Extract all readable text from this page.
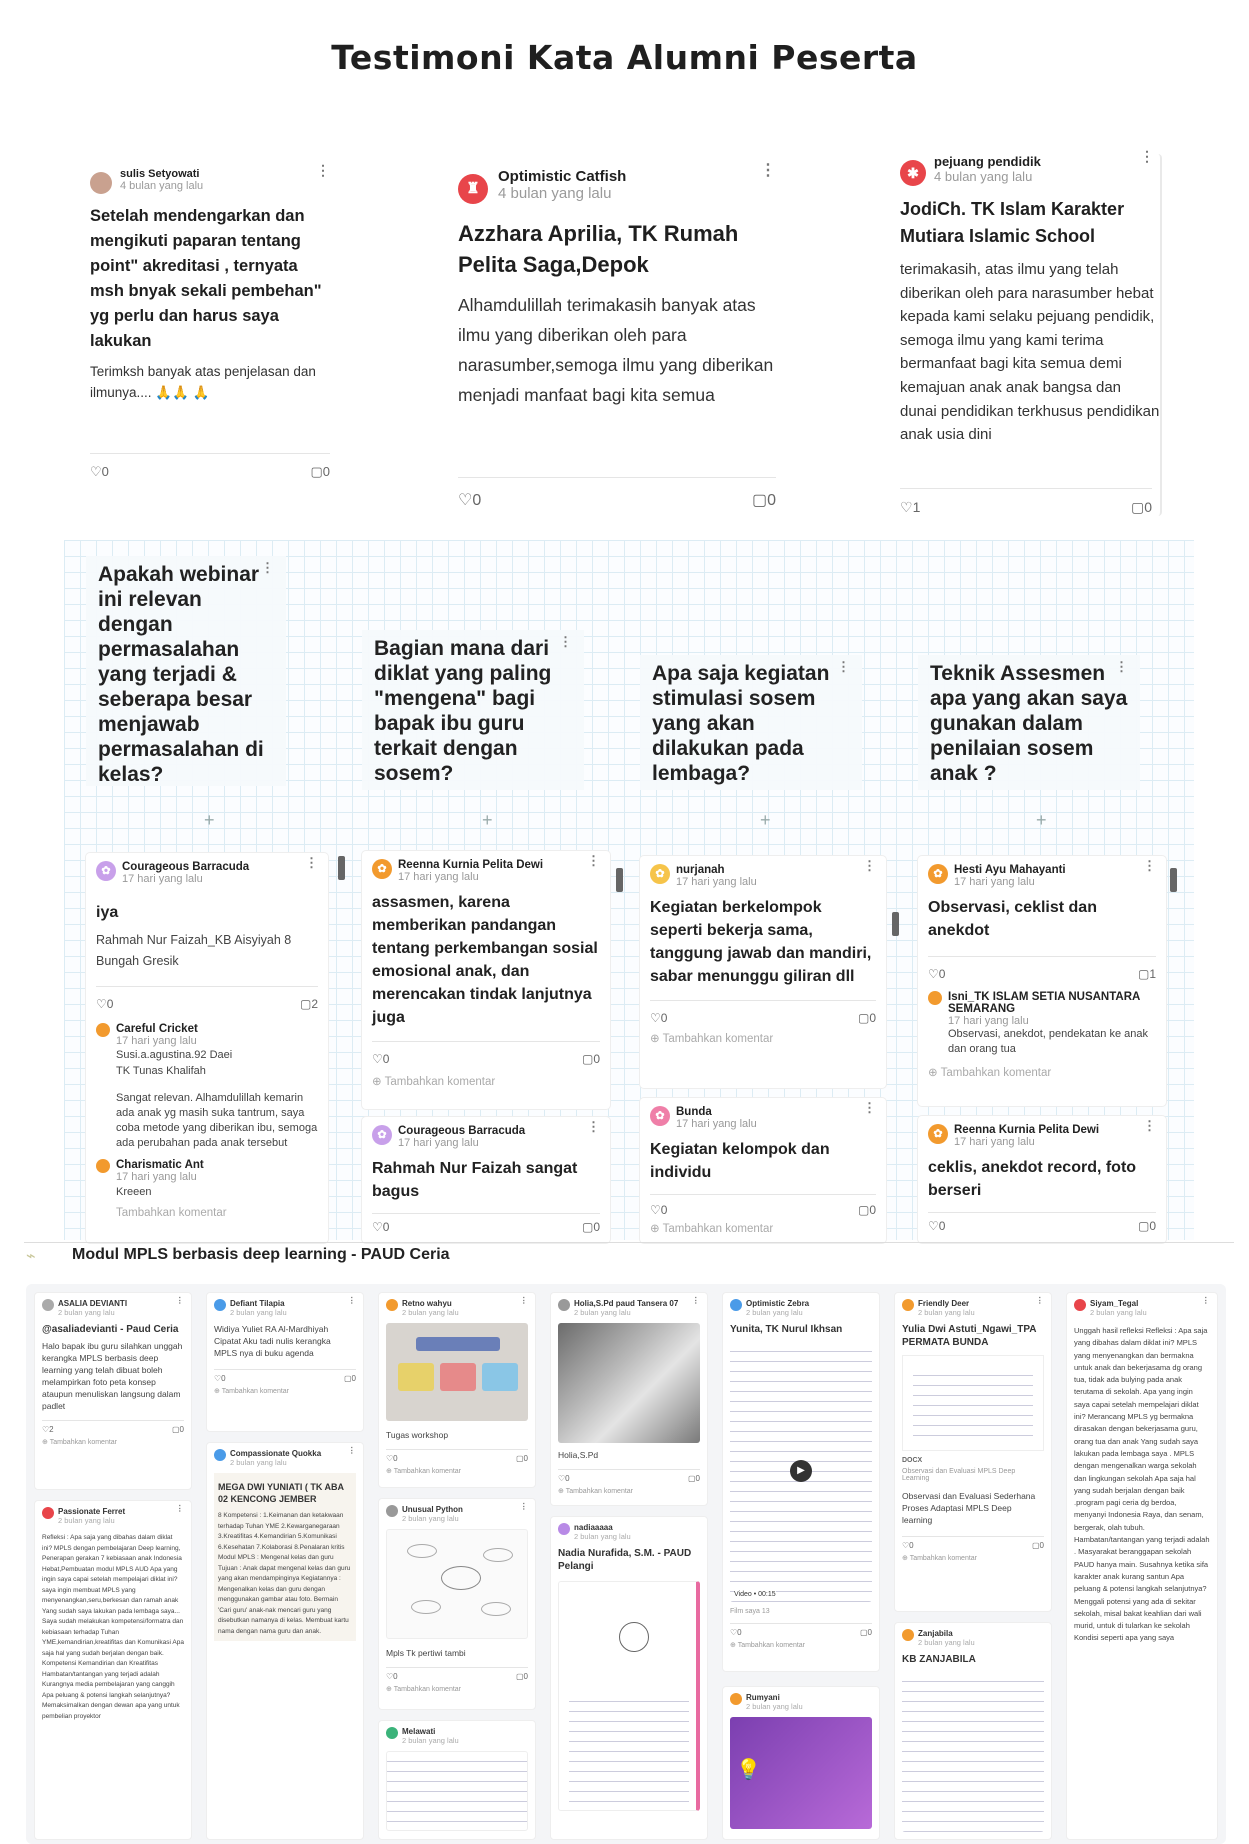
Testimoni Kata Alumni Peserta
sulis Setyowati
4 bulan yang lalu
⋮
Setelah mendengarkan dan mengikuti paparan tentang point" akreditasi , ternyata msh bnyak sekali pembehan" yg perlu dan harus saya lakukan
Terimksh banyak atas penjelasan dan ilmunya.... 🙏🙏 🙏
♡0	▢0
♜
Optimistic Catfish
4 bulan yang lalu
⋮
Azzhara Aprilia, TK Rumah Pelita Saga,Depok
Alhamdulillah terimakasih banyak atas ilmu yang diberikan oleh para narasumber,semoga ilmu yang diberikan menjadi manfaat bagi kita semua
♡0	▢0
✱
pejuang pendidik
4 bulan yang lalu
⋮
JodiCh. TK Islam Karakter Mutiara Islamic School
terimakasih, atas ilmu yang telah diberikan oleh para narasumber hebat kepada kami selaku pejuang pendidik, semoga ilmu yang kami terima bermanfaat bagi kita semua demi kemajuan anak anak bangsa dan dunai pendidikan terkhusus pendidikan anak usia dini
♡1	▢0
Apakah webinar ini relevan dengan permasalahan yang terjadi & seberapa besar menjawab permasalahan di kelas?
⋮
Bagian mana dari diklat yang paling "mengena" bagi bapak ibu guru terkait dengan sosem?
⋮
Apa saja kegiatan stimulasi sosem yang akan dilakukan pada lembaga?
⋮	Teknik Assesmen apa yang akan saya gunakan dalam penilaian sosem anak ?
⋮
+	+	+	+
✿ Courageous Barracuda
17 hari yang lalu
⋮
iya
Rahmah Nur Faizah_KB Aisyiyah 8 Bungah Gresik
♡0	▢2
Careful Cricket
17 hari yang lalu
Susi.a.agustina.92 Daei TK Tunas Khalifah
Sangat relevan. Alhamdulillah kemarin ada anak yg masih suka tantrum, saya coba metode yang diberikan ibu, semoga ada perubahan pada anak tersebut
Charismatic Ant
17 hari yang lalu
Kreeen
Tambahkan komentar
✿ Reenna Kurnia Pelita Dewi
17 hari yang lalu
⋮
assasmen, karena memberikan pandangan tentang perkembangan sosial emosional anak, dan merencakan tindak lanjutnya juga
♡0	▢0
⊕ Tambahkan komentar
✿ Courageous Barracuda
17 hari yang lalu
⋮
Rahmah Nur Faizah sangat bagus
♡0	▢0
✿ nurjanah
17 hari yang lalu
⋮
Kegiatan berkelompok seperti bekerja sama, tanggung jawab dan mandiri, sabar menunggu giliran dll
♡0	▢0
⊕ Tambahkan komentar
✿ Bunda
17 hari yang lalu
⋮
Kegiatan kelompok dan individu
♡0	▢0
⊕ Tambahkan komentar
✿ Hesti Ayu Mahayanti
17 hari yang lalu
⋮
Observasi, ceklist dan anekdot
♡0	▢1
Isni_TK ISLAM SETIA NUSANTARA SEMARANG
17 hari yang lalu
Observasi, anekdot, pendekatan ke anak dan orang tua
⊕ Tambahkan komentar
✿ Reenna Kurnia Pelita Dewi
17 hari yang lalu
⋮
ceklis, anekdot record, foto berseri
♡0	▢0
⌁ Modul MPLS berbasis deep learning - PAUD Ceria
ASALIA DEVIANTI
2 bulan yang lalu
⋮
@asaliadevianti - Paud Ceria
Halo bapak ibu guru silahkan unggah kerangka MPLS berbasis deep learning yang telah dibuat boleh melampirkan foto peta konsep ataupun menuliskan langsung dalam padlet
♡2	▢0
⊕ Tambahkan komentar
Passionate Ferret
2 bulan yang lalu
⋮
Refleksi : Apa saja yang dibahas dalam diklat ini? MPLS dengan pembelajaran Deep learning, Penerapan gerakan 7 kebiasaan anak Indonesia Hebat,Pembuatan modul MPLS AUD Apa yang ingin saya capai setelah mempelajari diklat ini?saya ingin membuat MPLS yang menyenangkan,seru,berkesan dan ramah anak Yang sudah saya lakukan pada lembaga saya... Saya sudah melakukan kompetensi/formatra dan kebiasaan terhadap Tuhan YME,kemandirian,kreatifitas dan Komunikasi Apa saja hal yang sudah berjalan dengan baik. Kompetensi Kemandirian dan Kreatifitas Hambatan/tantangan yang terjadi adalah Kurangnya media pembelajaran yang canggih Apa peluang & potensi langkah selanjutnya?Memaksimalkan dengan dewan apa yang untuk pembelian proyektor
Defiant Tilapia
2 bulan yang lalu
⋮
Widiya Yuliet RA Al-Mardhiyah Cipatat Aku tadi nulis kerangka MPLS nya di buku agenda
♡0	▢0
⊕ Tambahkan komentar
Compassionate Quokka
2 bulan yang lalu
⋮
MEGA DWI YUNIATI ( TK ABA 02 KENCONG JEMBER
8 Kompetensi : 1.Keimanan dan ketakwaan terhadap Tuhan YME 2.Kewarganegaraan 3.Kreatifitas 4.Kemandirian 5.Komunikasi 6.Kesehatan 7.Kolaborasi 8.Penalaran kritis Modul MPLS : Mengenal kelas dan guru Tujuan : Anak dapat mengenal kelas dan guru yang akan mendampinginya Kegiatannya : Mengenalkan kelas dan guru dengan menggunakan gambar atau foto. Bermain 'Cari guru' anak-nak mencari guru yang disebutkan namanya di kelas. Membuat kartu nama dengan nama guru dan anak.
Retno wahyu
2 bulan yang lalu
⋮
Tugas workshop
♡0	▢0
⊕ Tambahkan komentar
Unusual Python
2 bulan yang lalu
⋮
Mpls Tk pertiwi tambi
♡0	▢0
⊕ Tambahkan komentar
Melawati
2 bulan yang lalu
Holia,S.Pd paud Tansera 07
2 bulan yang lalu
⋮
Holia,S.Pd
♡0	▢0
⊕ Tambahkan komentar
nadiaaaaa
2 bulan yang lalu
Nadia Nurafida, S.M. - PAUD Pelangi
Optimistic Zebra
2 bulan yang lalu
Yunita, TK Nurul Ikhsan
▶
Video • 00:15
Film saya 13
♡0	▢0
⊕ Tambahkan komentar
Rumyani
2 bulan yang lalu
💡
Friendly Deer
2 bulan yang lalu
⋮
Yulia Dwi Astuti_Ngawi_TPA PERMATA BUNDA
DOCX
Observasi dan Evaluasi MPLS Deep Learning
Observasi dan Evaluasi Sederhana Proses Adaptasi MPLS Deep learning
♡0	▢0
⊕ Tambahkan komentar
Zanjabila
2 bulan yang lalu
KB ZANJABILA
Siyam_Tegal
2 bulan yang lalu
⋮
Unggah hasil refleksi Refleksi : Apa saja yang dibahas dalam diklat ini? MPLS yang menyenangkan dan bermakna untuk anak dan bekerjasama dg orang tua, tidak ada bulying pada anak terutama di sekolah. Apa yang ingin saya capai setelah mempelajari diklat ini? Merancang MPLS yg bermakna dirasakan dengan bekerjasama guru, orang tua dan anak Yang sudah saya lakukan pada lembaga saya . MPLS dengan mengenalkan warga sekolah dan lingkungan sekolah Apa saja hal yang sudah berjalan dengan baik .program pagi ceria dg berdoa, menyanyi Indonesia Raya, dan senam, bergerak, olah tubuh. Hambatan/tantangan yang terjadi adalah . Masyarakat beranggapan sekolah PAUD hanya main. Susahnya ketika sifa karakter anak kurang santun Apa peluang & potensi langkah selanjutnya? Menggali potensi yang ada di sekitar sekolah, misal bakat keahlian dari wali murid, untuk di tularkan ke sekolah Kondisi seperti apa yang saya
